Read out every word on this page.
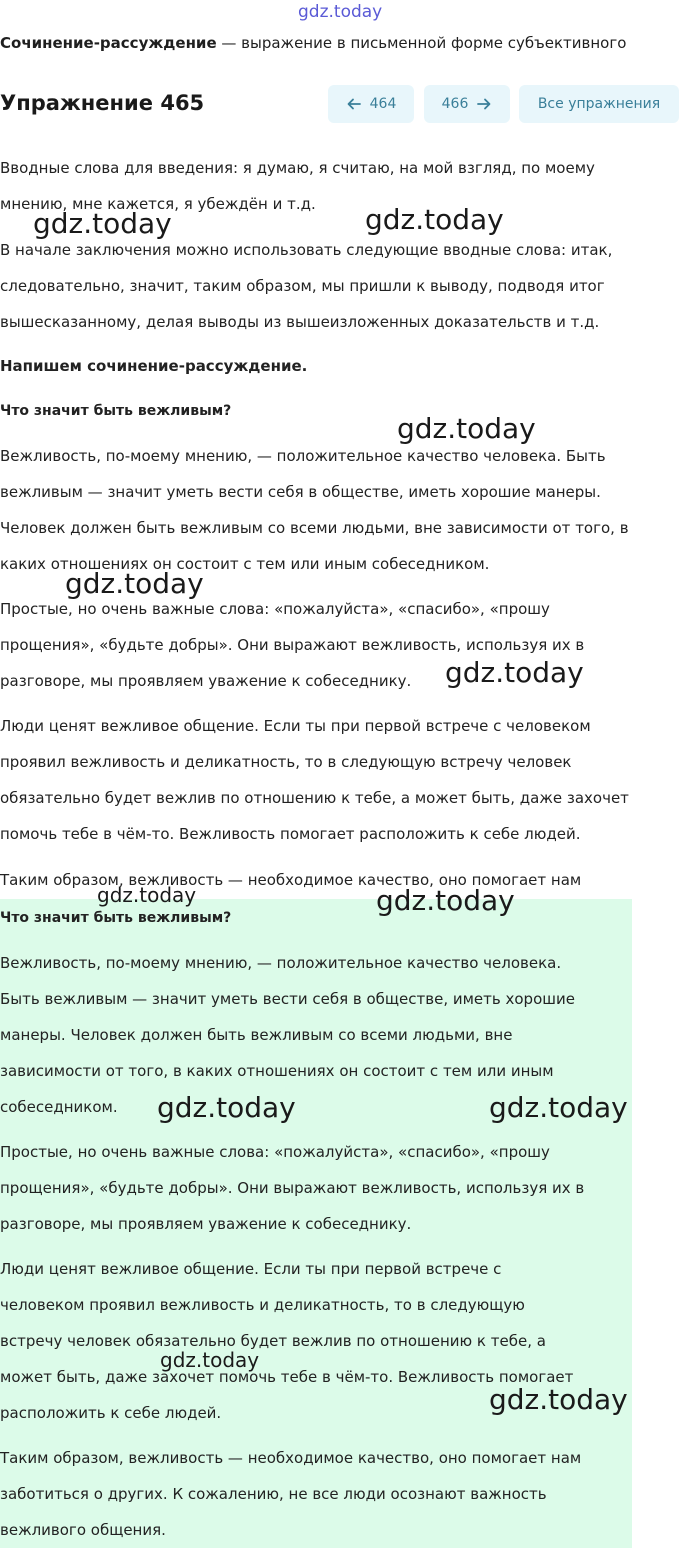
gdz.today
Сочинение-рассуждение — выражение в письменной форме субъективного
Упражнение 465	464	466	Все упражнения

Вводные слова для введения: я думаю, я считаю, на мой взгляд, по моему

мнению, мне кажется, я убеждён и т.д.

В начале заключения можно использовать следующие вводные слова: итак,

следовательно, значит, таким образом, мы пришли к выводу, подводя итог

вышесказанному, делая выводы из вышеизложенных доказательств и т.д.

Напишем сочинение-рассуждение.

Что значит быть вежливым?

Вежливость, по-моему мнению, — положительное качество человека. Быть

вежливым — значит уметь вести себя в обществе, иметь хорошие манеры.

Человек должен быть вежливым со всеми людьми, вне зависимости от того, в

каких отношениях он состоит с тем или иным собеседником.

Простые, но очень важные слова: «пожалуйста», «спасибо», «прошу

прощения», «будьте добры». Они выражают вежливость, используя их в

разговоре, мы проявляем уважение к собеседнику.

Люди ценят вежливое общение. Если ты при первой встрече с человеком

проявил вежливость и деликатность, то в следующую встречу человек

обязательно будет вежлив по отношению к тебе, а может быть, даже захочет

помочь тебе в чём-то. Вежливость помогает расположить к себе людей.

Таким образом, вежливость — необходимое качество, оно помогает нам

Что значит быть вежливым?

Вежливость, по-моему мнению, — положительное качество человека.

Быть вежливым — значит уметь вести себя в обществе, иметь хорошие

манеры. Человек должен быть вежливым со всеми людьми, вне

зависимости от того, в каких отношениях он состоит с тем или иным

собеседником.

Простые, но очень важные слова: «пожалуйста», «спасибо», «прошу

прощения», «будьте добры». Они выражают вежливость, используя их в

разговоре, мы проявляем уважение к собеседнику.

Люди ценят вежливое общение. Если ты при первой встрече с

человеком проявил вежливость и деликатность, то в следующую

встречу человек обязательно будет вежлив по отношению к тебе, а

может быть, даже захочет помочь тебе в чём-то. Вежливость помогает

расположить к себе людей.

Таким образом, вежливость — необходимое качество, оно помогает нам

заботиться о других. К сожалению, не все люди осознают важность

вежливого общения.

gdz.today	gdz.today
gdz.today
gdz.today
gdz.today
gdz.today	gdz.today
gdz.today	gdz.today
gdz.today
gdz.today
